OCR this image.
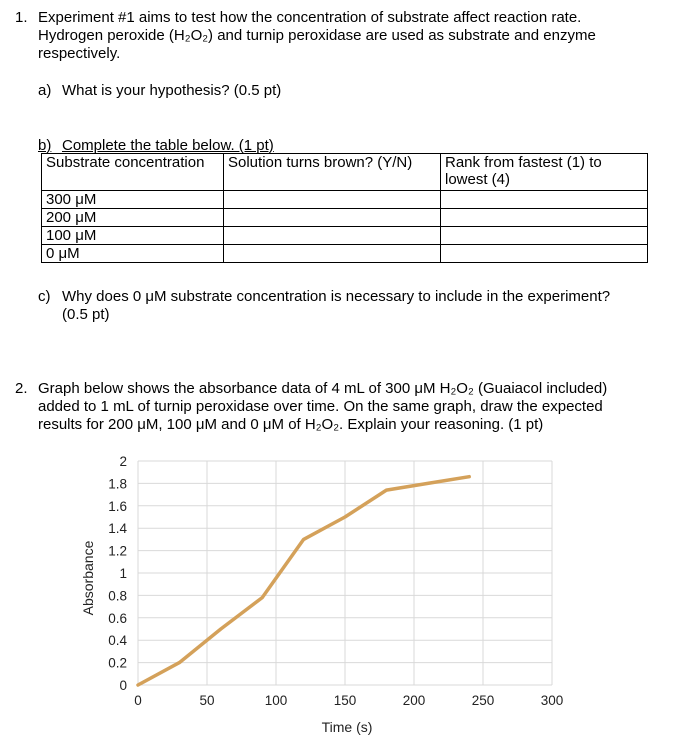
1. Experiment #1 aims to test how the concentration of substrate affect reaction rate.
Hydrogen peroxide (H₂O₂) and turnip peroxidase are used as substrate and enzyme
respectively.
a) What is your hypothesis? (0.5 pt)
b) Complete the table below. (1 pt)
Substrate concentration	Solution turns brown? (Y/N)	Rank from fastest (1) to
lowest (4)
300 μM		
200 μM		
100 μM		
0 μM		
c) Why does 0 μM substrate concentration is necessary to include in the experiment?
(0.5 pt)
2. Graph below shows the absorbance data of 4 mL of 300 μM H₂O₂ (Guaiacol included)
added to 1 mL of turnip peroxidase over time. On the same graph, draw the expected
results for 200 μM, 100 μM and 0 μM of H₂O₂. Explain your reasoning. (1 pt)
0
0.2
0.4
0.6
0.8
1
1.2
1.4
1.6
1.8
2
0	50	100	150	200	250	300
Time (s)
Absorbance
